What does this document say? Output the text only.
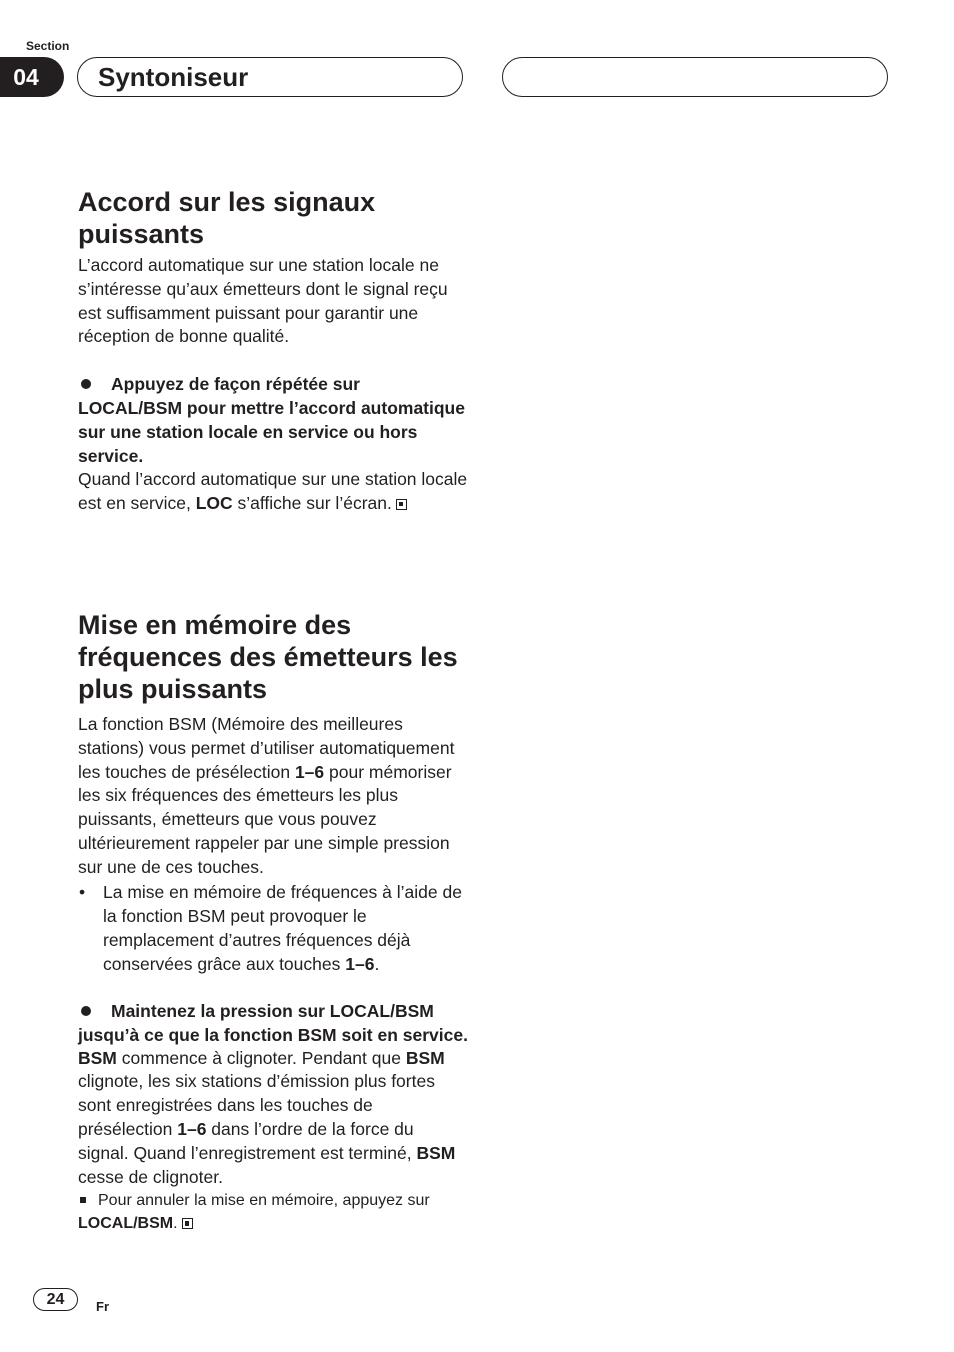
Section
04	Syntoniseur
Accord sur les signaux puissants

L’accord automatique sur une station locale ne s’intéresse qu’aux émetteurs dont le signal reçu est suffisamment puissant pour garantir une réception de bonne qualité.

Appuyez de façon répétée sur LOCAL/BSM pour mettre l’accord automatique sur une station locale en service ou hors service.

Quand l’accord automatique sur une station locale est en service, LOC s’affiche sur l’écran.

Mise en mémoire des fréquences des émetteurs les plus puissants

La fonction BSM (Mémoire des meilleures stations) vous permet d’utiliser automatiquement les touches de présélection 1–6 pour mémoriser les six fréquences des émetteurs les plus puissants, émetteurs que vous pouvez ultérieurement rappeler par une simple pression sur une de ces touches.

• La mise en mémoire de fréquences à l’aide de la fonction BSM peut provoquer le remplacement d’autres fréquences déjà conservées grâce aux touches 1–6.

Maintenez la pression sur LOCAL/BSM jusqu’à ce que la fonction BSM soit en service.

BSM commence à clignoter. Pendant que BSM clignote, les six stations d’émission plus fortes sont enregistrées dans les touches de présélection 1–6 dans l’ordre de la force du signal. Quand l’enregistrement est terminé, BSM cesse de clignoter.

Pour annuler la mise en mémoire, appuyez sur LOCAL/BSM.

24	Fr
